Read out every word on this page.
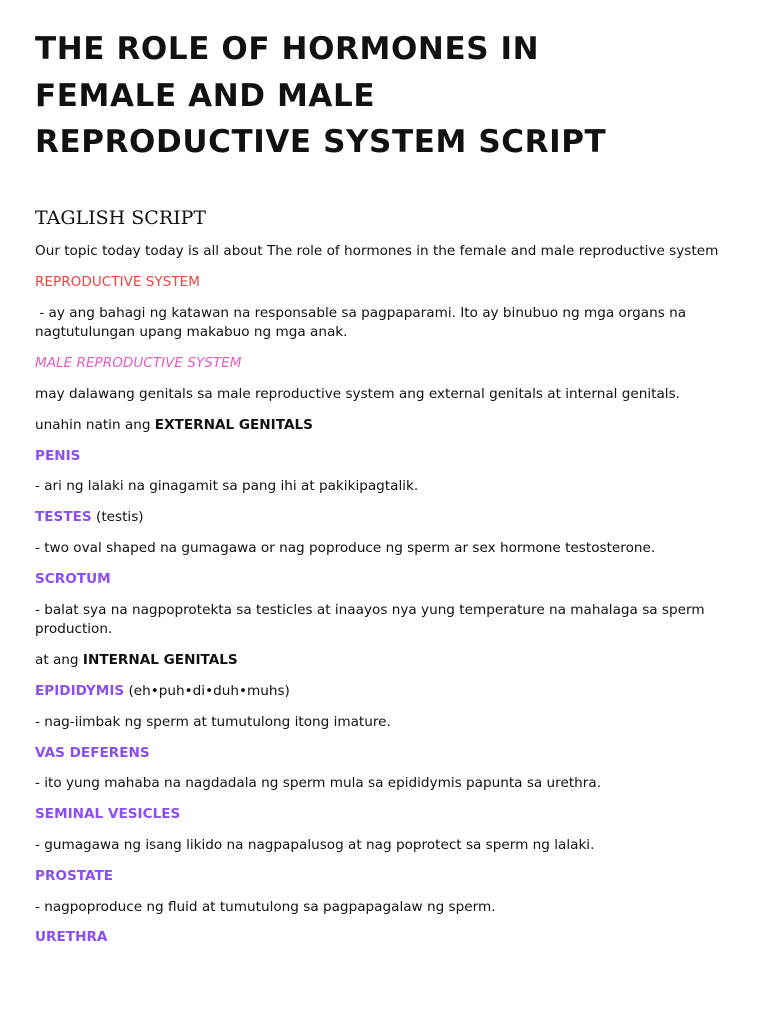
THE ROLE OF HORMONES IN
FEMALE AND MALE
REPRODUCTIVE SYSTEM SCRIPT
TAGLISH SCRIPT

Our topic today today is all about The role of hormones in the female and male reproductive system

REPRODUCTIVE SYSTEM

- ay ang bahagi ng katawan na responsable sa pagpaparami. Ito ay binubuo ng mga organs na nagtutulungan upang makabuo ng mga anak.

MALE REPRODUCTIVE SYSTEM

may dalawang genitals sa male reproductive system ang external genitals at internal genitals.

unahin natin ang EXTERNAL GENITALS

PENIS

- ari ng lalaki na ginagamit sa pang ihi at pakikipagtalik.

TESTES (testis)

- two oval shaped na gumagawa or nag poproduce ng sperm ar sex hormone testosterone.

SCROTUM

- balat sya na nagpoprotekta sa testicles at inaayos nya yung temperature na mahalaga sa sperm production.

at ang INTERNAL GENITALS

EPIDIDYMIS (eh•puh•di•duh•muhs)

- nag-iimbak ng sperm at tumutulong itong imature.

VAS DEFERENS

- ito yung mahaba na nagdadala ng sperm mula sa epididymis papunta sa urethra.

SEMINAL VESICLES

- gumagawa ng isang likido na nagpapalusog at nag poprotect sa sperm ng lalaki.

PROSTATE

- nagpoproduce ng fluid at tumutulong sa pagpapagalaw ng sperm.

URETHRA
